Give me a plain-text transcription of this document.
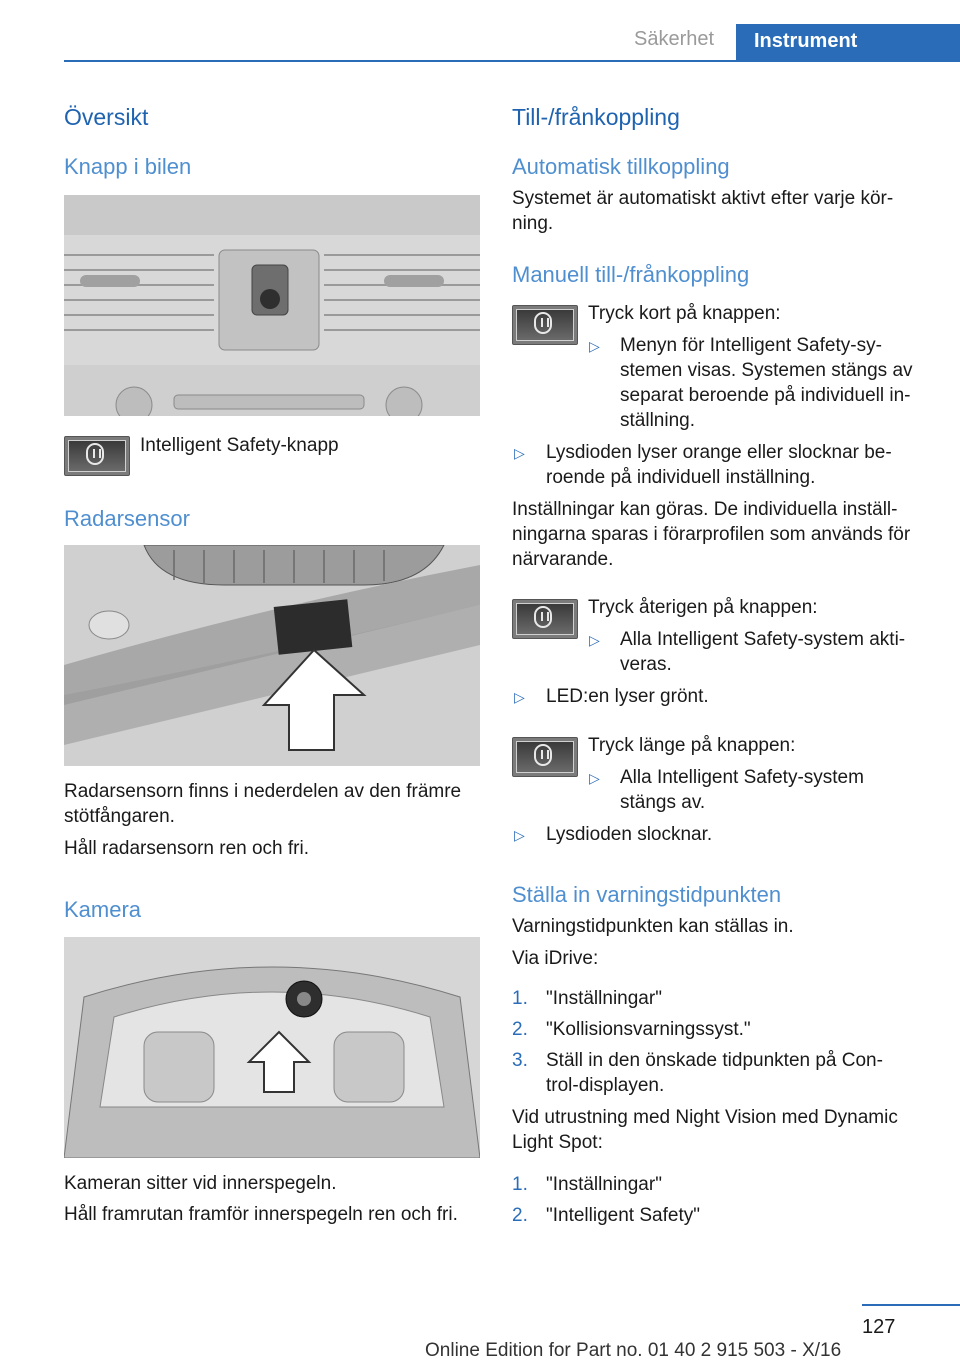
Säkerhet Instrument
Översikt
Knapp i bilen
Intelligent Safety-knapp
Radarsensor
Radarsensorn finns i nederdelen av den främre
stötfångaren.
Håll radarsensorn ren och fri.
Kamera
Kameran sitter vid innerspegeln.
Håll framrutan framför innerspegeln ren och fri.
Till-/frånkoppling
Automatisk tillkoppling
Systemet är automatiskt aktivt efter varje kör-
ning.
Manuell till-/frånkoppling
Tryck kort på knappen:
▷ Menyn för Intelligent Safety-sy-
stemen visas. Systemen stängs av
separat beroende på individuell in-
ställning.
▷ Lysdioden lyser orange eller slocknar be-
roende på individuell inställning.
Inställningar kan göras. De individuella inställ-
ningarna sparas i förarprofilen som används för
närvarande.
Tryck återigen på knappen:
▷ Alla Intelligent Safety-system akti-
veras.
▷ LED:en lyser grönt.
Tryck länge på knappen:
▷ Alla Intelligent Safety-system
stängs av.
▷ Lysdioden slocknar.
Ställa in varningstidpunkten
Varningstidpunkten kan ställas in.
Via iDrive:
1. "Inställningar"
2. "Kollisionsvarningssyst."
3. Ställ in den önskade tidpunkten på Con-
trol-displayen.
Vid utrustning med Night Vision med Dynamic
Light Spot:
1. "Inställningar"
2. "Intelligent Safety"
127
Online Edition for Part no. 01 40 2 915 503 - X/16
